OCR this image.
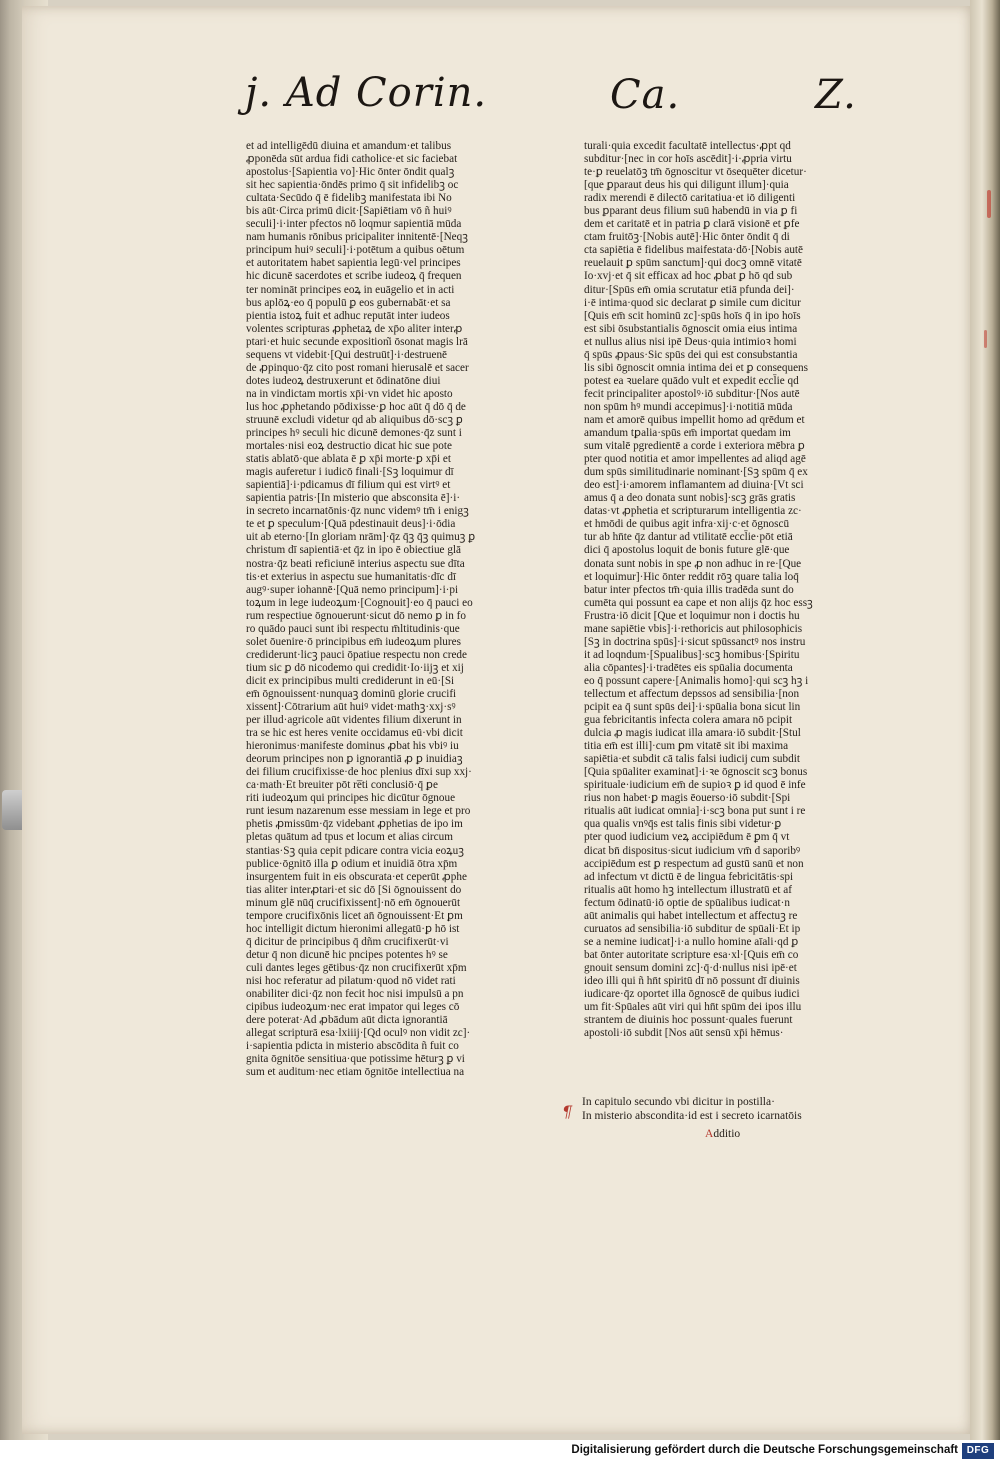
j. Ad Corin.	Ca.	Z.

et ad intelligēdū diuina et amandum·et talibus

ꝓponēda sūt ardua fidi catholice·et sic faciebat

apostolus·[Sapientia vo]·Hic ōnter ōndit qualꝫ

sit hec sapientia·ōndēs primo q̄ sit infidelibꝫ oc

cultata·Secūdo q̄ ē fidelibꝫ manifestata ibi No

bis aūt·Circa primū dicit·[Sapiētiam vō ñ huiꝰ

seculi]·i·inter pfectos nō loqmur sapientiā mūda

nam humanis rōnibus pricipaliter innitentē·[Neqꝫ

principum huiꝰ seculi]·i·potētum a quibus oētum

et autoritatem habet sapientia legū·vel principes

hic dicunē sacerdotes et scribe iudeoꝝ q̄ frequen

ter nomināt principes eoꝝ in euāgelio et in acti

bus aplōꝝ·eo q̄ populū ꝑ eos gubernabāt·et sa

pientia istoꝝ fuit et adhuc reputāt inter iudeos

volentes scripturas ꝓphetaꝝ de xp̄o aliter interꝓ

ptari·et huic secunde exposition͂i ōsonat magis lrā

sequens vt videbit·[Qui destruūt]·i·destruenē

de ꝓpinquo·q̄z cito post romani hierusalē et sacer

dotes iudeoꝝ destruxerunt et ōdinatōne diui

na in vindictam mortis xp̄i·vn videt hic aposto

lus hoc ꝓphetando pōdixisse·ꝑ hoc aūt q̄ dō q̄ de

struunē excludi videtur qd ab aliquibus dō·scꝫ ꝑ

principes hꝰ seculi hic dicunē demones·q̄z sunt i

mortales·nisi eoꝝ destructio dicat hic sue pote

statis ablatō·que ablata ē ꝑ xp̄i morte·ꝑ xp̄i et

magis auferetur i iudicō finali·[Sꝫ loquimur dī

sapientiā]·i·pdicamus dī filium qui est virtꝰ et

sapientia patris·[In misterio que absconsita ē]·i·

in secreto incarnatōnis·q̄z nunc videmꝰ tm̄ i enigꝫ

te et ꝑ speculum·[Quā pdestinauit deus]·i·ōdia

uit ab eterno·[In gloriam nrām]·q̄z q̄ꝫ q̄ꝫ quimuꝫ ꝑ

christum dī sapientiā·et q̄z in ipo ē obiectiue glā

nostra·q̄z beati reficiunē interius aspectu sue dīta

tis·et exterius in aspectu sue humanitatis·dīc dī

augꝰ·super iohannē·[Quā nemo principum]·i·pi

toꝝum in lege iudeoꝝum·[Cognouit]·eo q̄ pauci eo

rum respectiue ōgnouerunt·sicut dō nemo ꝑ in fo

ro quādo pauci sunt ibi respectu m̄ltitudinis·que

solet ōuenire·ō principibus em̄ iudeoꝝum plures

crediderunt·licꝫ pauci ōpatiue respectu non crede

tium sic ꝑ dō nicodemo qui credidit·Io·iijꝫ et xij

dicit ex principibus multi crediderunt in eū·[Si

em̄ ōgnouissent·nunquaꝫ dominū glorie crucifi

xissent]·Cōtrarium aūt huiꝰ videt·mathꝫ·xxj·sꝰ

per illud·agricole aūt videntes filium dixerunt in

tra se hic est heres venite occidamus eū·vbi dicit

hieronimus·manifeste dominus ꝓbat his vbiꝰ iu

deorum principes non ꝑ ignorantiā ꝓ ꝑ inuidiaꝫ

dei filium crucifixisse·de hoc plenius dīxi sup xxj·

ca·math·Et breuiter pōt re̅ti conclusiō·q̄ ꝑe

riti iudeoꝝum qui principes hic dicūtur ōgnoue

runt iesum nazarenum esse messiam in lege et pro

phetis ꝓmissūm·q̄z videbant ꝓphetias de ipo im

pletas quātum ad tpus et locum et alias circum

stantias·Sꝫ quia cepit pdicare contra vicia eoꝝuꝫ

publice·ōgnitō illa ꝑ odium et inuidiā ōtra xp̄m

insurgentem fuit in eis obscurata·et ceperūt ꝓphe

tias aliter interꝓtari·et sic dō [Si ōgnouissent do

minum glē nūq̄ crucifixissent]·nō em̄ ōgnouerūt

tempore crucifixōnis licet an̄ ōgnouissent·Et ꝑm

hoc intelligit dictum hieronimi allegatū·ꝑ hō ist

q̄ dicitur de principibus q̄ dñm crucifixerūt·vi

detur q̄ non dicunē hic pncipes potentes hꝰ se

culi dantes leges gētibus·q̄z non crucifixerūt xp̄m

nisi hoc referatur ad pilatum·quod nō videt rati

onabiliter dici·q̄z non fecit hoc nisi impulsū a pn

cipibus iudeoꝝum·nec erat impator qui leges cō

dere poterat·Ad ꝓbādum aūt dicta ignorantiā

allegat scripturā esa·lxiiij·[Qd oculꝰ non vidit zc]·

i·sapientia pdicta in misterio abscōdita ñ fuit co

gnita ōgnitōe sensitiua·que potissime hēturꝫ ꝑ vi

sum et auditum·nec etiam ōgnitōe intellectiua na

turali·quia excedit facultatē intellectus·ꝓpt qd

subditur·[nec in cor hoīs ascēdit]·i·ꝓpria virtu

te·ꝑ reuelatōꝫ tm̄ ōgnoscitur vt ōsequēter dicetur·

[que ꝑparaut deus his qui diligunt illum]·quia

radix merendi ē dilectō caritatiua·et iō diligenti

bus ꝑparant deus filium suū habendū in via ꝑ fi

dem et caritatē et in patria ꝑ clarā visionē et ꝑfe

ctam fruitōꝫ·[Nobis autē]·Hic ōnter ōndit q̄ di

cta sapiētia ē fidelibus maifestata·dō·[Nobis autē

reuelauit ꝑ spūm sanctum]·qui docꝫ omnē vitatē

Io·xvj·et q̄ sit efficax ad hoc ꝓbat ꝑ hō qd sub

ditur·[Spūs em̄ omia scrutatur etiā pfunda dei]·

i·ē intima·quod sic declarat ꝑ simile cum dicitur

[Quis em̄ scit hominū zc]·spūs hoīs q̄ in ipo hoīs

est sibi ōsubstantialis ōgnoscit omia eius intima

et nullus alius nisi ipē Deus·quia intimioꝛ homi

q̄ spūs ꝓpaus·Sic spūs dei qui est consubstantia

lis sibi ōgnoscit omnia intima dei et ꝑ consequens

potest ea ꝛuelare quādo vult et expedit eccl̄ie qd

fecit principaliter apostolꝰ·iō subditur·[Nos autē

non spūm hꝰ mundi accepimus]·i·notitiā mūda

nam et amorē quibus impellit homo ad qrēdum et

amandum tꝑalia·spūs em̄ importat quedam im

sum vitalē pgredientē a corde i exteriora mēbra ꝑ

pter quod notitia et amor impellentes ad aliqd agē

dum spūs similitudinarie nominant·[Sꝫ spūm q̄ ex

deo est]·i·amorem inflamantem ad diuina·[Vt sci

amus q̄ a deo donata sunt nobis]·scꝫ grās gratis

datas·vt ꝓphetia et scripturarum intelligentia zc·

et hmōdi de quibus agit infra·xij·c·et ōgnoscū

tur ab hn̄te q̄z dantur ad vtilitatē eccl̄ie·pōt etiā

dici q̄ apostolus loquit de bonis future glē·que

donata sunt nobis in spe ꝓ non adhuc in re·[Que

et loquimur]·Hic ōnter reddit rōꝫ quare talia loq̄

batur inter pfectos tm̄·quia illis tradēda sunt do

cumēta qui possunt ea cape et non alijs q̄z hoc essꝫ

Frustra·iō dicit [Que et loquimur non i doctis hu

mane sapiētie vbis]·i·rethoricis aut philosophicis

[Sꝫ in doctrina spūs]·i·sicut spūssanctꝰ nos instru

it ad loqndum·[Spualibus]·scꝫ homibus·[Spiritu

alia cōpantes]·i·tradētes eis spūalia documenta

eo q̄ possunt capere·[Animalis homo]·qui scꝫ hꝫ i

tellectum et affectum depssos ad sensibilia·[non

pcipit ea q̄ sunt spūs dei]·i·spūalia bona sicut lin

gua febricitantis infecta colera amara nō pcipit

dulcia ꝓ magis iudicat illa amara·iō subdit·[Stul

titia em̄ est illi]·cum ꝑm vitatē sit ibi maxima

sapiētia·et subdit cā talis falsi iudicij cum subdit

[Quia spūaliter examinat]·i·ꝛe ōgnoscit scꝫ bonus

spirituale·iudicium em̄ de supioꝛ ꝑ id quod ē infe

rius non habet·ꝑ magis ēouerso·iō subdit·[Spi

ritualis aūt iudicat omnia]·i·scꝫ bona put sunt i re

qua qualis vnꝰq̄s est talis finis sibi videtur·ꝑ

pter quod iudicium veꝝ accipiēdum ē ꝑm q̄ vt

dicat bn̄ dispositus·sicut iudicium vm̄ d saporibꝰ

accipiēdum est ꝑ respectum ad gustū sanū et non

ad infectum vt dictū ē de lingua febricitātis·spi

ritualis aūt homo hꝫ intellectum illustratū et af

fectum ōdinatū·iō optie de spūalibus iudicat·n

aūt animalis qui habet intellectum et affectuꝫ re

curuatos ad sensibilia·iō subditur de spūali·Et ip

se a nemine iudicat]·i·a nullo homine aīali·qd ꝑ

bat ōnter autoritate scripture esa·xl·[Quis em̄ co

gnouit sensum domini zc]·q̄·d·nullus nisi ipē·et

ideo illi qui ñ hn̄t spiritū dī nō possunt dī diuinis

iudicare·q̄z oportet illa ōgnoscē de quibus iudici

um fit·Spūales aūt viri qui hn̄t spūm dei ipos illu

strantem de diuinis hoc possunt·quales fuerunt

apostoli·iō subdit [Nos aūt sensū xp̄i hēmus·

¶ In capitulo secundo vbi dicitur in postilla·

In misterio abscondita·id est i secreto icarnatōis

Additio
Digitalisierung gefördert durch die Deutsche Forschungsgemeinschaft DFG
